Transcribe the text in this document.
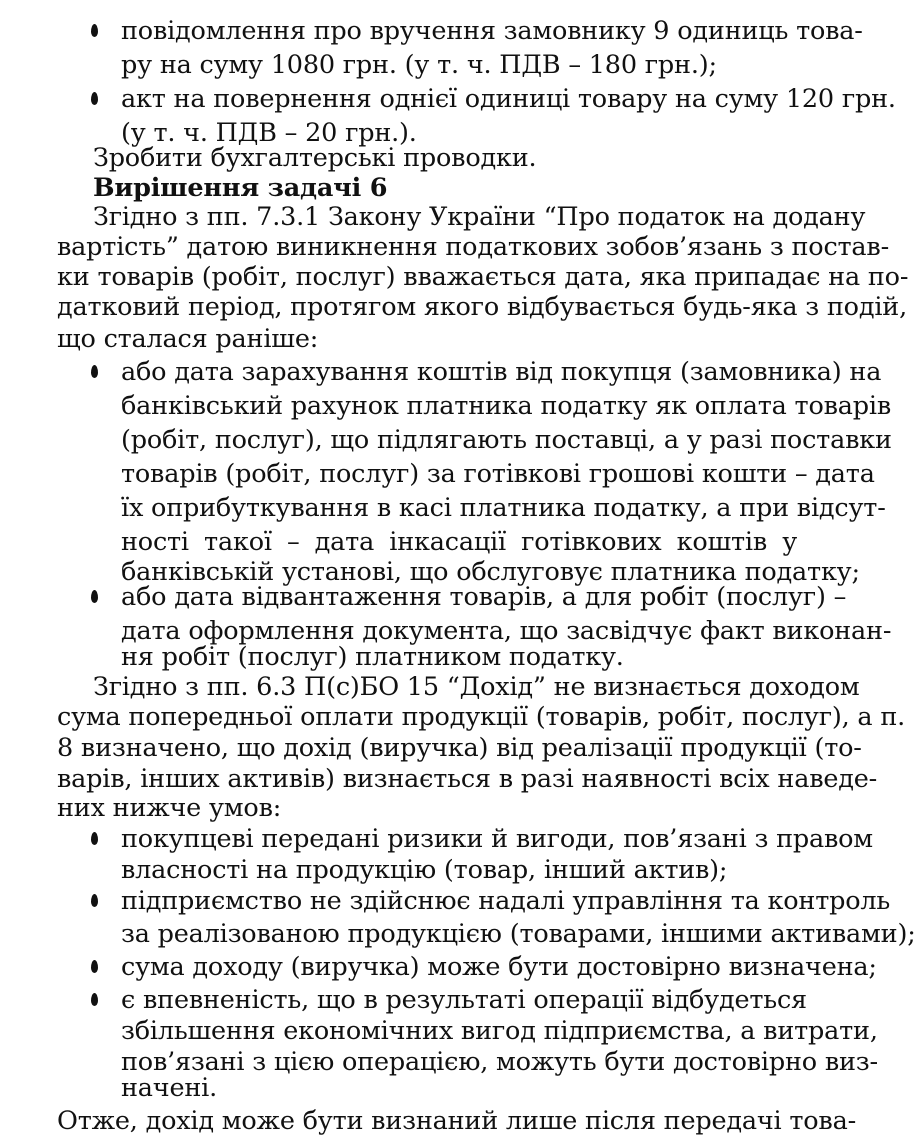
повідомлення про вручення замовнику 9 одиниць това-
ру на суму 1080 грн. (у т. ч. ПДВ – 180 грн.);
акт на повернення однієї одиниці товару на суму 120 грн.
(у т. ч. ПДВ – 20 грн.).
Зробити бухгалтерські проводки.
Вирішення задачі 6
Згідно з пп. 7.3.1 Закону України “Про податок на додану
вартість” датою виникнення податкових зобов’язань з постав-
ки товарів (робіт, послуг) вважається дата, яка припадає на по-
датковий період, протягом якого відбувається будь-яка з подій,
що сталася раніше:
або дата зарахування коштів від покупця (замовника) на
банківський рахунок платника податку як оплата товарів
(робіт, послуг), що підлягають поставці, а у разі поставки
товарів (робіт, послуг) за готівкові грошові кошти – дата
їх оприбуткування в касі платника податку, а при відсут-
ності такої – дата інкасації готівкових коштів у
банківській установі, що обслуговує платника податку;
або дата відвантаження товарів, а для робіт (послуг) –
дата оформлення документа, що засвідчує факт виконан-
ня робіт (послуг) платником податку.
Згідно з пп. 6.3 П(с)БО 15 “Дохід” не визнається доходом
сума попередньої оплати продукції (товарів, робіт, послуг), а п.
8 визначено, що дохід (виручка) від реалізації продукції (то-
варів, інших активів) визнається в разі наявності всіх наведе-
них нижче умов:
покупцеві передані ризики й вигоди, пов’язані з правом
власності на продукцію (товар, інший актив);
підприємство не здійснює надалі управління та контроль
за реалізованою продукцією (товарами, іншими активами);
сума доходу (виручка) може бути достовірно визначена;
є впевненість, що в результаті операції відбудеться
збільшення економічних вигод підприємства, а витрати,
пов’язані з цією операцією, можуть бути достовірно виз-
начені.
Отже, дохід може бути визнаний лише після передачі това-
